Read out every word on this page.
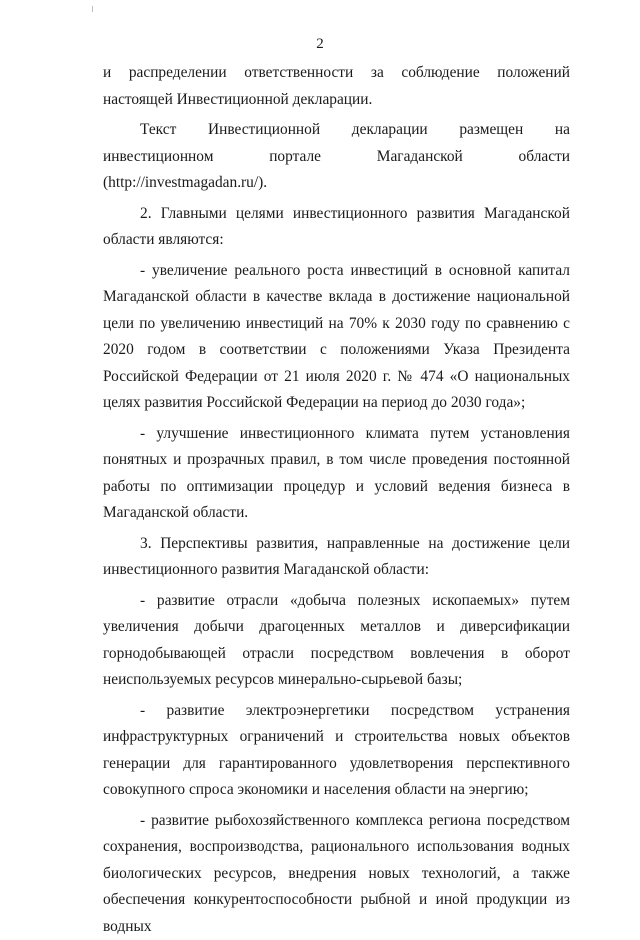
2

и распределении ответственности за соблюдение положений настоящей Инвестиционной декларации.

Текст Инвестиционной декларации размещен на инвестиционном портале Магаданской области (http://investmagadan.ru/).

2. Главными целями инвестиционного развития Магаданской области являются:

- увеличение реального роста инвестиций в основной капитал Магаданской области в качестве вклада в достижение национальной цели по увеличению инвестиций на 70% к 2030 году по сравнению с 2020 годом в соответствии с положениями Указа Президента Российской Федерации от 21 июля 2020 г. № 474 «О национальных целях развития Российской Федерации на период до 2030 года»;

- улучшение инвестиционного климата путем установления понятных и прозрачных правил, в том числе проведения постоянной работы по оптимизации процедур и условий ведения бизнеса в Магаданской области.

3. Перспективы развития, направленные на достижение цели инвестиционного развития Магаданской области:

- развитие отрасли «добыча полезных ископаемых» путем увеличения добычи драгоценных металлов и диверсификации горнодобывающей отрасли посредством вовлечения в оборот неиспользуемых ресурсов минерально-сырьевой базы;

- развитие электроэнергетики посредством устранения инфраструктурных ограничений и строительства новых объектов генерации для гарантированного удовлетворения перспективного совокупного спроса экономики и населения области на энергию;

- развитие рыбохозяйственного комплекса региона посредством сохранения, воспроизводства, рационального использования водных биологических ресурсов, внедрения новых технологий, а также обеспечения конкурентоспособности рыбной и иной продукции из водных
